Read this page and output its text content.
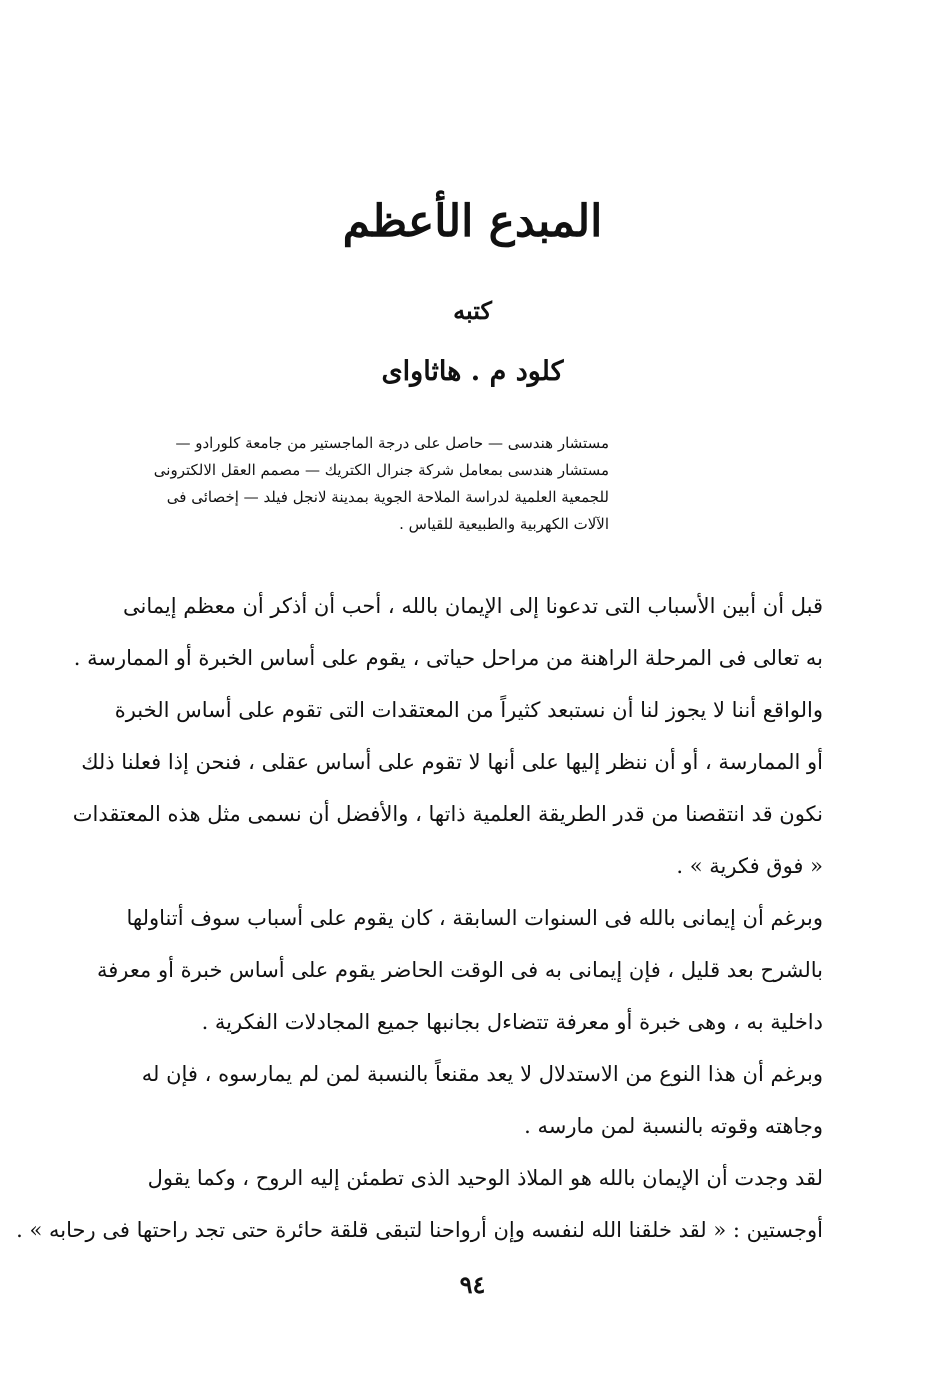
المبدع الأعظم
كتبه
كلود م . هاثاواى
مستشار هندسى — حاصل على درجة الماجستير من جامعة كلورادو —
مستشار هندسى بمعامل شركة جنرال الكتريك — مصمم العقل الالكترونى
للجمعية العلمية لدراسة الملاحة الجوية بمدينة لانجل فيلد — إخصائى فى
الآلات الكهربية والطبيعية للقياس .
قبل أن أبين الأسباب التى تدعونا إلى الإيمان بالله ، أحب أن أذكر أن معظم إيمانى
به تعالى فى المرحلة الراهنة من مراحل حياتى ، يقوم على أساس الخبرة أو الممارسة .
والواقع أننا لا يجوز لنا أن نستبعد كثيراً من المعتقدات التى تقوم على أساس الخبرة
أو الممارسة ، أو أن ننظر إليها على أنها لا تقوم على أساس عقلى ، فنحن إذا فعلنا ذلك
نكون قد انتقصنا من قدر الطريقة العلمية ذاتها ، والأفضل أن نسمى مثل هذه المعتقدات
« فوق فكرية » .
وبرغم أن إيمانى بالله فى السنوات السابقة ، كان يقوم على أسباب سوف أتناولها
بالشرح بعد قليل ، فإن إيمانى به فى الوقت الحاضر يقوم على أساس خبرة أو معرفة
داخلية به ، وهى خبرة أو معرفة تتضاءل بجانبها جميع المجادلات الفكرية .
وبرغم أن هذا النوع من الاستدلال لا يعد مقنعاً بالنسبة لمن لم يمارسوه ، فإن له
وجاهته وقوته بالنسبة لمن مارسه .
لقد وجدت أن الإيمان بالله هو الملاذ الوحيد الذى تطمئن إليه الروح ، وكما يقول
أوجستين : « لقد خلقنا الله لنفسه وإن أرواحنا لتبقى قلقة حائرة حتى تجد راحتها فى رحابه » .
٩٤
